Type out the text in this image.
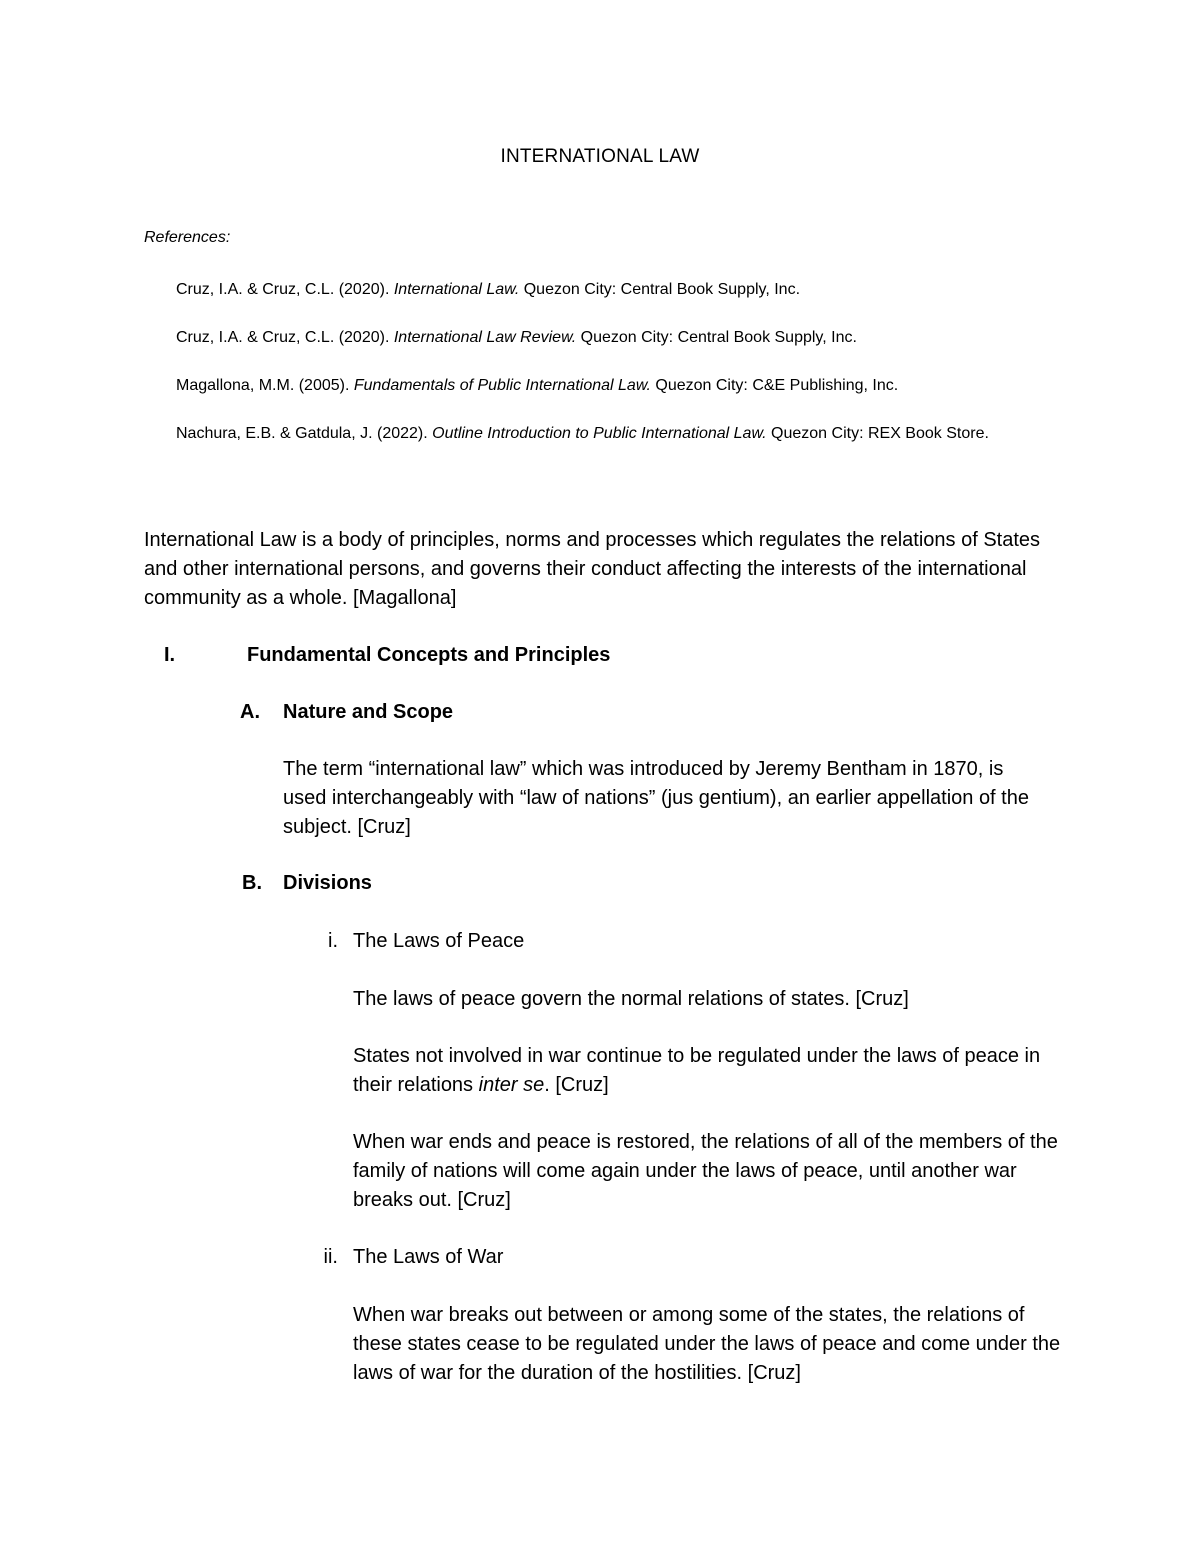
INTERNATIONAL LAW
References:

Cruz, I.A. & Cruz, C.L. (2020). International Law. Quezon City: Central Book Supply, Inc.

Cruz, I.A. & Cruz, C.L. (2020). International Law Review. Quezon City: Central Book Supply, Inc.

Magallona, M.M. (2005). Fundamentals of Public International Law. Quezon City: C&E Publishing, Inc.

Nachura, E.B. & Gatdula, J. (2022). Outline Introduction to Public International Law. Quezon City: REX Book Store.

International Law is a body of principles, norms and processes which regulates the relations of States and other international persons, and governs their conduct affecting the interests of the international community as a whole. [Magallona]

I.	Fundamental Concepts and Principles
A.	Nature and Scope

The term “international law” which was introduced by Jeremy Bentham in 1870, is used interchangeably with “law of nations” (jus gentium), an earlier appellation of the subject. [Cruz]

B.	Divisions
i. The Laws of Peace

The laws of peace govern the normal relations of states. [Cruz]

States not involved in war continue to be regulated under the laws of peace in their relations inter se. [Cruz]

When war ends and peace is restored, the relations of all of the members of the family of nations will come again under the laws of peace, until another war breaks out. [Cruz]

ii. The Laws of War

When war breaks out between or among some of the states, the relations of these states cease to be regulated under the laws of peace and come under the laws of war for the duration of the hostilities. [Cruz]
